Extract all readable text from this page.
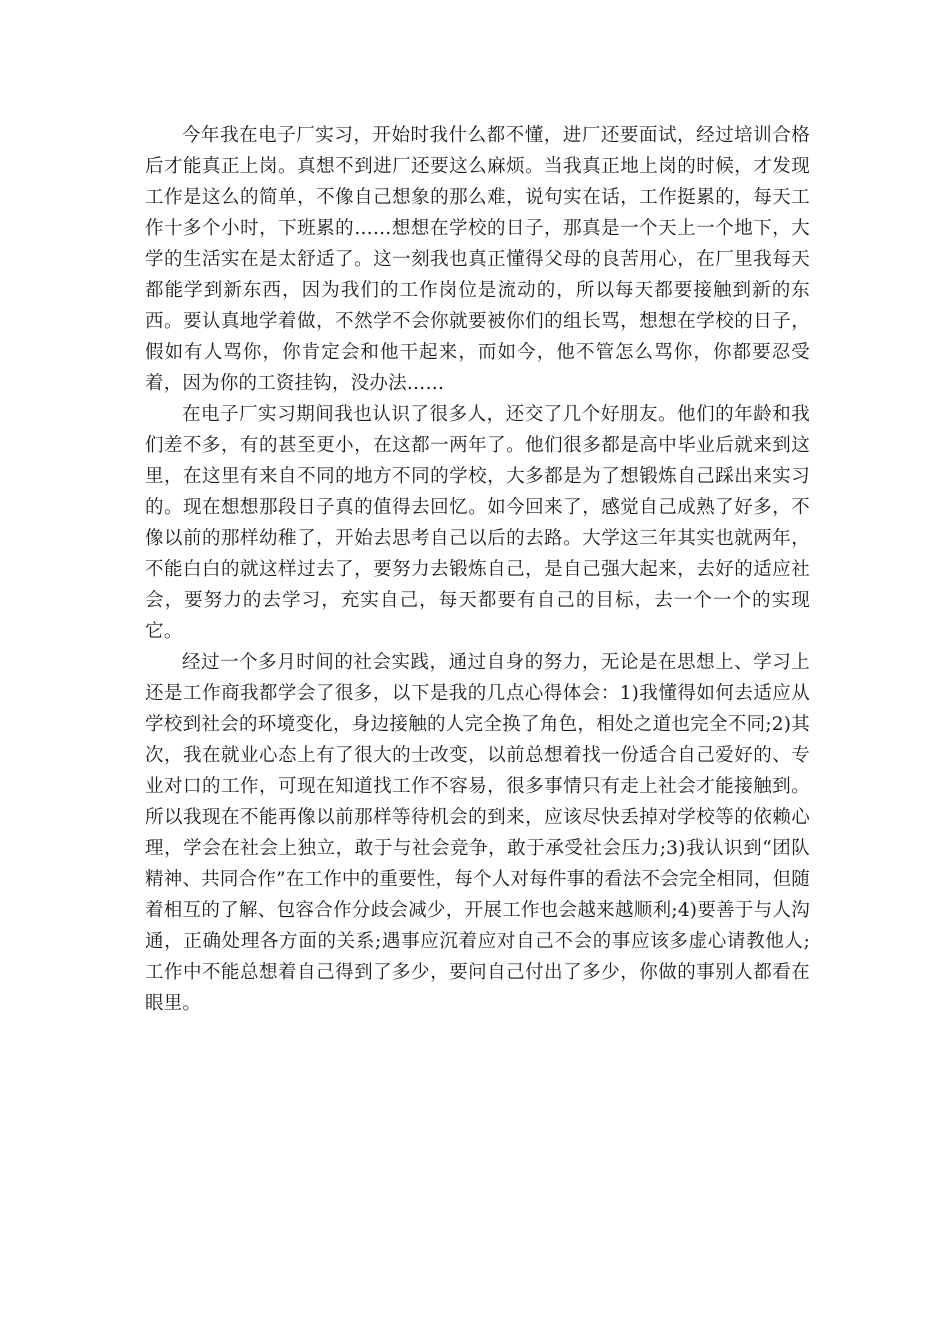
今年我在电子厂实习，开始时我什么都不懂，进厂还要面试，经过培训合格后才能真正上岗。真想不到进厂还要这么麻烦。当我真正地上岗的时候，才发现工作是这么的简单，不像自己想象的那么难，说句实在话，工作挺累的，每天工作十多个小时，下班累的……想想在学校的日子，那真是一个天上一个地下，大学的生活实在是太舒适了。这一刻我也真正懂得父母的良苦用心，在厂里我每天都能学到新东西，因为我们的工作岗位是流动的，所以每天都要接触到新的东西。要认真地学着做，不然学不会你就要被你们的组长骂，想想在学校的日子，假如有人骂你，你肯定会和他干起来，而如今，他不管怎么骂你，你都要忍受着，因为你的工资挂钩，没办法……

在电子厂实习期间我也认识了很多人，还交了几个好朋友。他们的年龄和我们差不多，有的甚至更小，在这都一两年了。他们很多都是高中毕业后就来到这里，在这里有来自不同的地方不同的学校，大多都是为了想锻炼自己踩出来实习的。现在想想那段日子真的值得去回忆。如今回来了，感觉自己成熟了好多，不像以前的那样幼稚了，开始去思考自己以后的去路。大学这三年其实也就两年，不能白白的就这样过去了，要努力去锻炼自己，是自己强大起来，去好的适应社会，要努力的去学习，充实自己，每天都要有自己的目标，去一个一个的实现它。

经过一个多月时间的社会实践，通过自身的努力，无论是在思想上、学习上还是工作商我都学会了很多，以下是我的几点心得体会：1)我懂得如何去适应从学校到社会的环境变化，身边接触的人完全换了角色，相处之道也完全不同;2)其次，我在就业心态上有了很大的士改变，以前总想着找一份适合自己爱好的、专业对口的工作，可现在知道找工作不容易，很多事情只有走上社会才能接触到。所以我现在不能再像以前那样等待机会的到来，应该尽快丢掉对学校等的依赖心理，学会在社会上独立，敢于与社会竞争，敢于承受社会压力;3)我认识到“团队精神、共同合作”在工作中的重要性，每个人对每件事的看法不会完全相同，但随着相互的了解、包容合作分歧会减少，开展工作也会越来越顺利;4)要善于与人沟通，正确处理各方面的关系;遇事应沉着应对自己不会的事应该多虚心请教他人;工作中不能总想着自己得到了多少，要问自己付出了多少，你做的事别人都看在眼里。
